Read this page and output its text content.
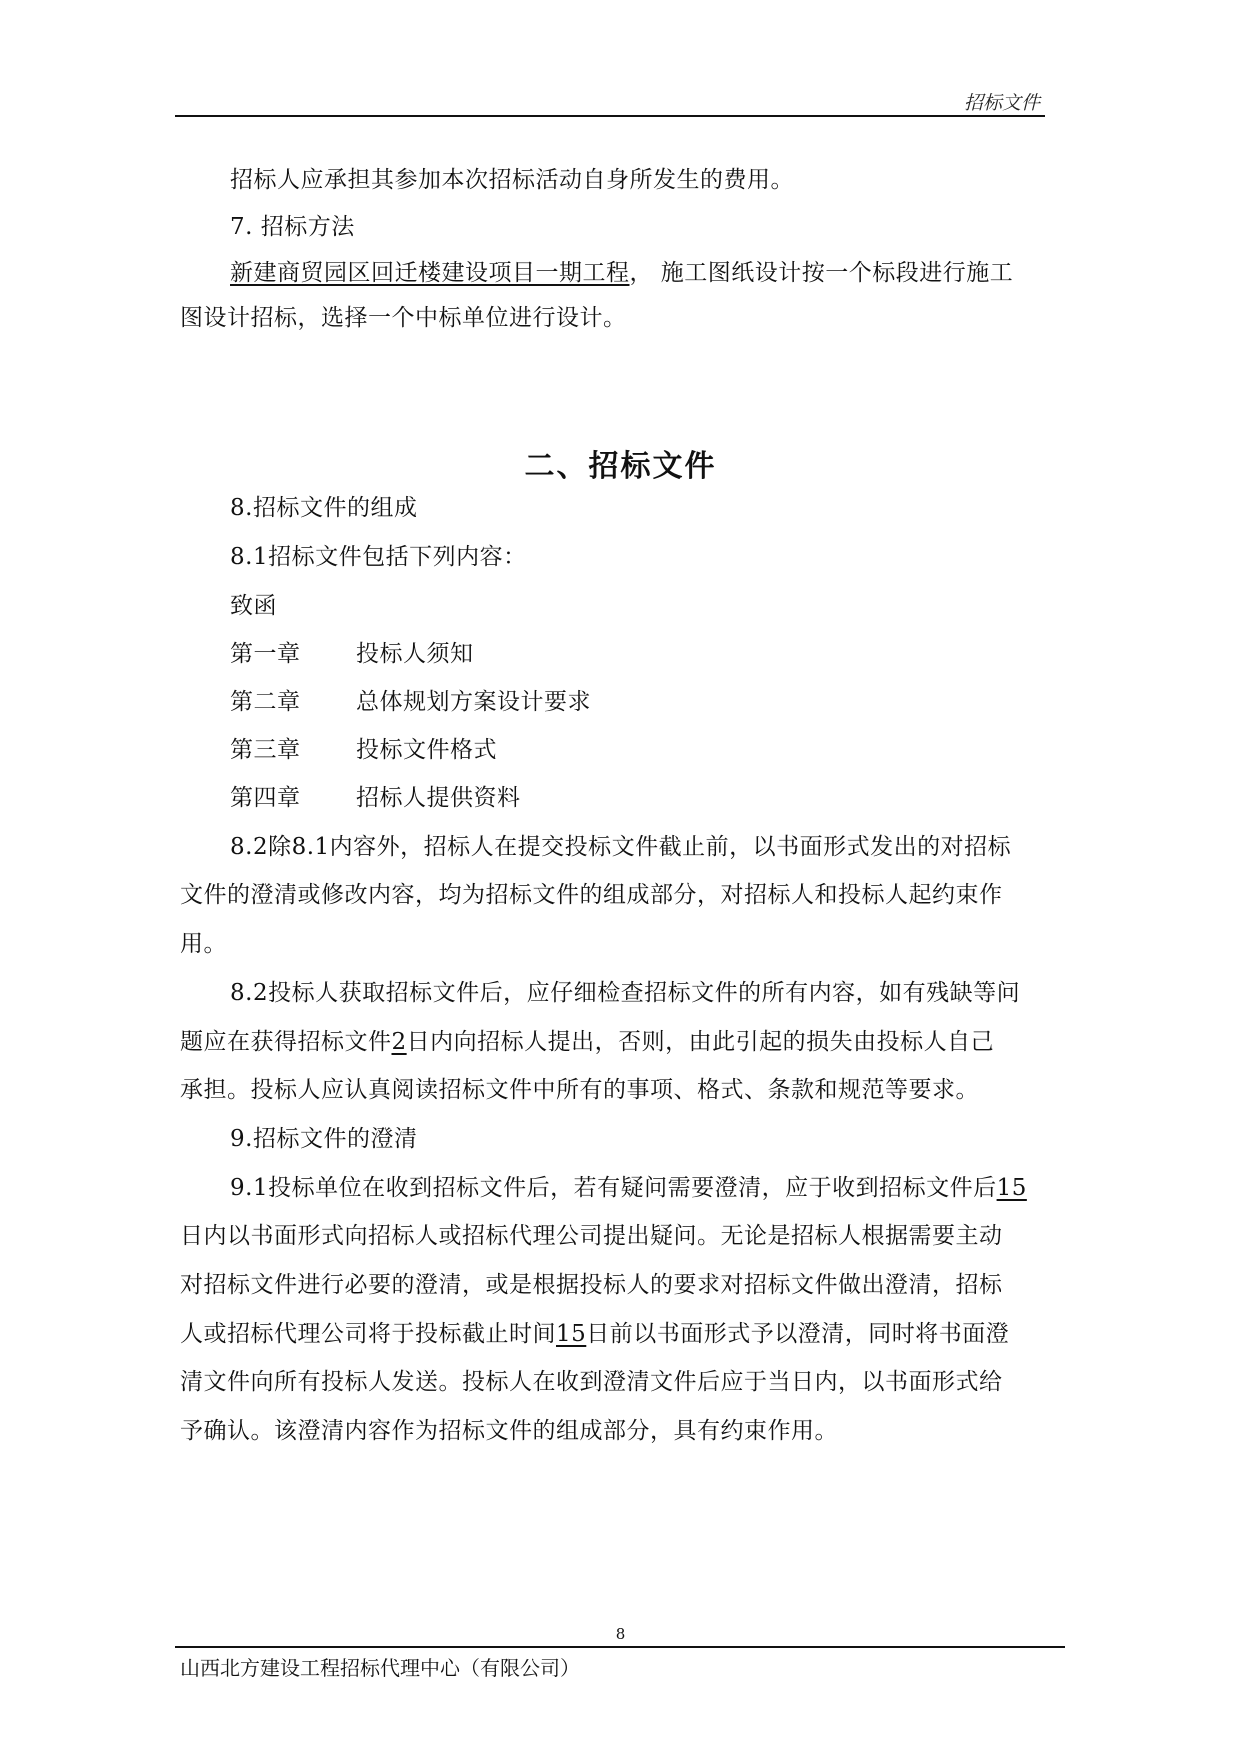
招标文件
招标人应承担其参加本次招标活动自身所发生的费用。
7. 招标方法
新建商贸园区回迁楼建设项目一期工程， 施工图纸设计按一个标段进行施工
图设计招标，选择一个中标单位进行设计。
二、招标文件
8.招标文件的组成
8.1招标文件包括下列内容：
致函
第一章 投标人须知
第二章 总体规划方案设计要求
第三章 投标文件格式
第四章 招标人提供资料
8.2除8.1内容外，招标人在提交投标文件截止前，以书面形式发出的对招标
文件的澄清或修改内容，均为招标文件的组成部分，对招标人和投标人起约束作
用。
8.2投标人获取招标文件后，应仔细检查招标文件的所有内容，如有残缺等问
题应在获得招标文件2日内向招标人提出，否则，由此引起的损失由投标人自己
承担。投标人应认真阅读招标文件中所有的事项、格式、条款和规范等要求。
9.招标文件的澄清
9.1投标单位在收到招标文件后，若有疑问需要澄清，应于收到招标文件后15
日内以书面形式向招标人或招标代理公司提出疑问。无论是招标人根据需要主动
对招标文件进行必要的澄清，或是根据投标人的要求对招标文件做出澄清，招标
人或招标代理公司将于投标截止时间15日前以书面形式予以澄清，同时将书面澄
清文件向所有投标人发送。投标人在收到澄清文件后应于当日内，以书面形式给
予确认。该澄清内容作为招标文件的组成部分，具有约束作用。
8
山西北方建设工程招标代理中心（有限公司）
